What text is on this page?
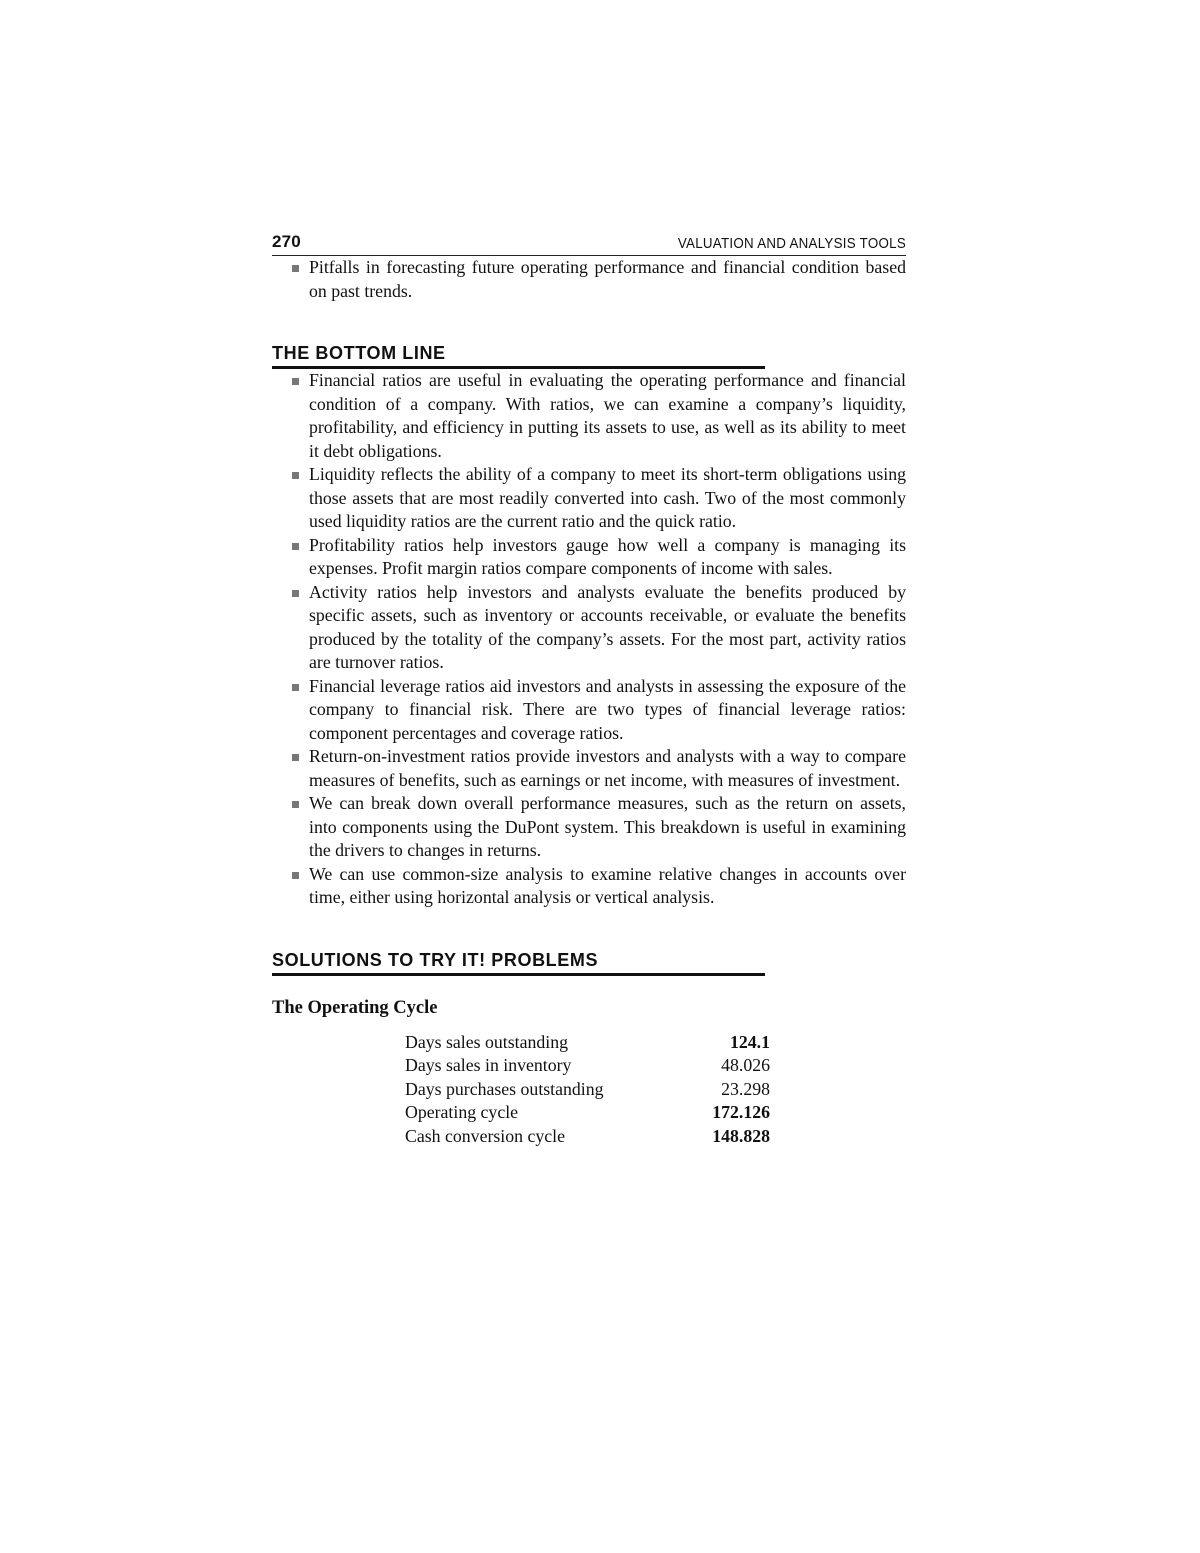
270	VALUATION AND ANALYSIS TOOLS
Pitfalls in forecasting future operating performance and financial condition based on past trends.
THE BOTTOM LINE
Financial ratios are useful in evaluating the operating performance and financial condition of a company. With ratios, we can examine a company’s liquidity, profitability, and efficiency in putting its assets to use, as well as its ability to meet it debt obligations.
Liquidity reflects the ability of a company to meet its short-term obligations using those assets that are most readily converted into cash. Two of the most commonly used liquidity ratios are the current ratio and the quick ratio.
Profitability ratios help investors gauge how well a company is managing its expenses. Profit margin ratios compare components of income with sales.
Activity ratios help investors and analysts evaluate the benefits produced by specific assets, such as inventory or accounts receivable, or evaluate the benefits produced by the totality of the company’s assets. For the most part, activity ratios are turnover ratios.
Financial leverage ratios aid investors and analysts in assessing the exposure of the company to financial risk. There are two types of financial leverage ratios: component percentages and coverage ratios.
Return-on-investment ratios provide investors and analysts with a way to compare measures of benefits, such as earnings or net income, with measures of investment.
We can break down overall performance measures, such as the return on assets, into components using the DuPont system. This breakdown is useful in examining the drivers to changes in returns.
We can use common-size analysis to examine relative changes in accounts over time, either using horizontal analysis or vertical analysis.
SOLUTIONS TO TRY IT! PROBLEMS
The Operating Cycle
Days sales outstanding	124.1
Days sales in inventory	48.026
Days purchases outstanding	23.298
Operating cycle	172.126
Cash conversion cycle	148.828
